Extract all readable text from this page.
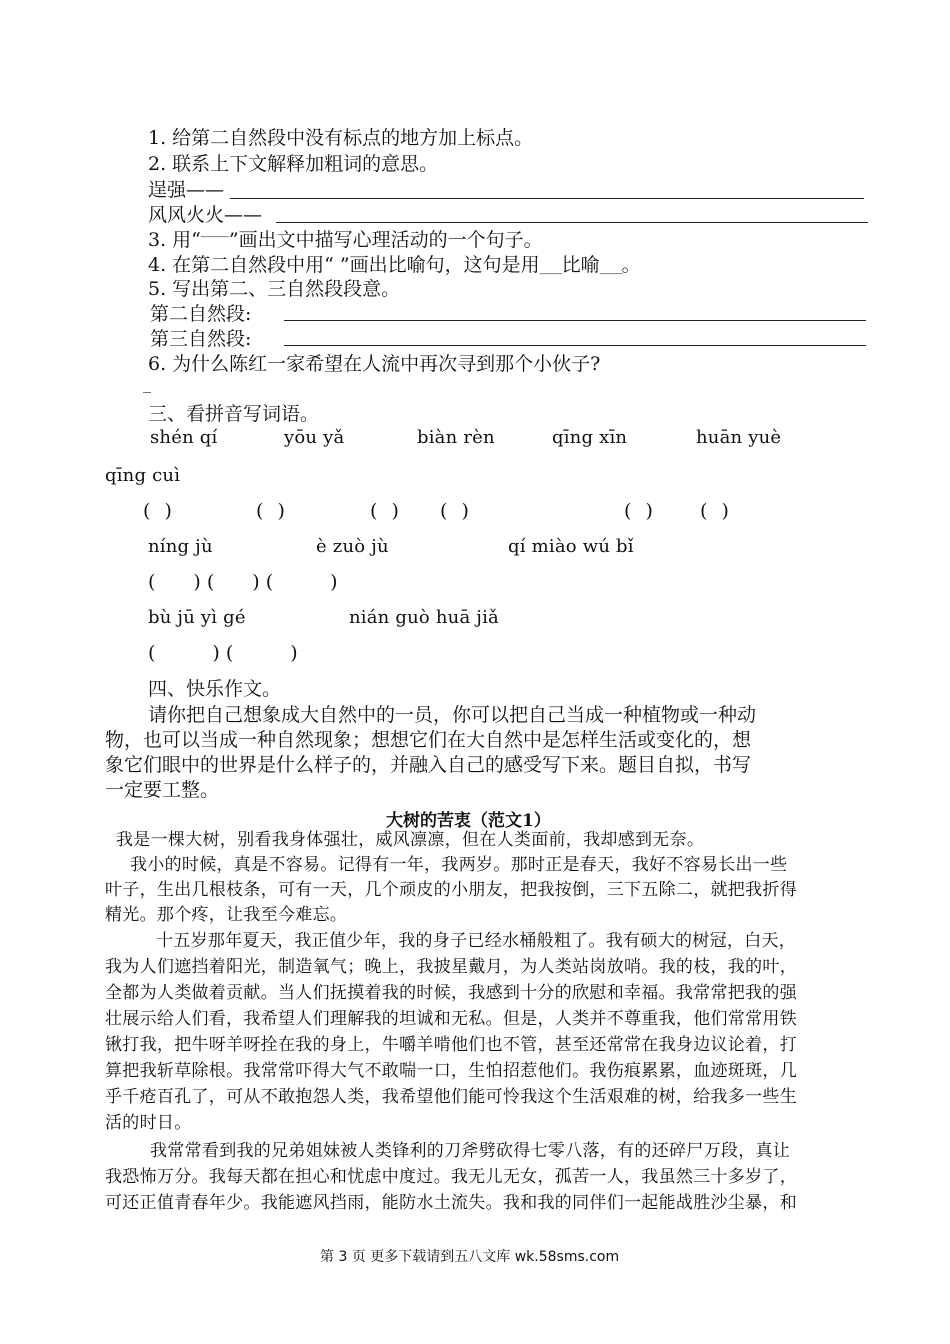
1. 给第二自然段中没有标点的地方加上标点。
2. 联系上下文解释加粗词的意思。
逞强——
风风火火——
3. 用“____”画出文中描写心理活动的一个句子。
4. 在第二自然段中用“ ”画出比喻句，这句是用____比喻____。
5. 写出第二、三自然段段意。
第二自然段:
第三自然段:
6. 为什么陈红一家希望在人流中再次寻到那个小伙子?
_
三、看拼音写词语。
shén qí	yōu yǎ	biàn rèn	qīng xīn	huān yuè
qīng cuì
( )	( )	( ) ( )	( ) ( )
níng jù	è zuò jù	qí miào wú bǐ
(　　) (　　) (　　　)
bù jū yì gé	nián guò huā jiǎ
(　　　) (　　　)
四、快乐作文。
请你把自己想象成大自然中的一员，你可以把自己当成一种植物或一种动
物，也可以当成一种自然现象；想想它们在大自然中是怎样生活或变化的，想
象它们眼中的世界是什么样子的，并融入自己的感受写下来。题目自拟，书写
一定要工整。
大树的苦衷（范文1）
我是一棵大树，别看我身体强壮，威风凛凛，但在人类面前，我却感到无奈。
我小的时候，真是不容易。记得有一年，我两岁。那时正是春天，我好不容易长出一些
叶子，生出几根枝条，可有一天，几个顽皮的小朋友，把我按倒，三下五除二，就把我折得
精光。那个疼，让我至今难忘。
十五岁那年夏天，我正值少年，我的身子已经水桶般粗了。我有硕大的树冠，白天，
我为人们遮挡着阳光，制造氧气；晚上，我披星戴月，为人类站岗放哨。我的枝，我的叶，
全都为人类做着贡献。当人们抚摸着我的时候，我感到十分的欣慰和幸福。我常常把我的强
壮展示给人们看，我希望人们理解我的坦诚和无私。但是，人类并不尊重我，他们常常用铁
锹打我，把牛呀羊呀拴在我的身上，牛嚼羊啃他们也不管，甚至还常常在我身边议论着，打
算把我斩草除根。我常常吓得大气不敢喘一口，生怕招惹他们。我伤痕累累，血迹斑斑，几
乎千疮百孔了，可从不敢抱怨人类，我希望他们能可怜我这个生活艰难的树，给我多一些生
活的时日。
我常常看到我的兄弟姐妹被人类锋利的刀斧劈砍得七零八落，有的还碎尸万段，真让
我恐怖万分。我每天都在担心和忧虑中度过。我无儿无女，孤苦一人，我虽然三十多岁了，
可还正值青春年少。我能遮风挡雨，能防水土流失。我和我的同伴们一起能战胜沙尘暴，和
第 3 页 更多下载请到五八文库 wk.58sms.com
